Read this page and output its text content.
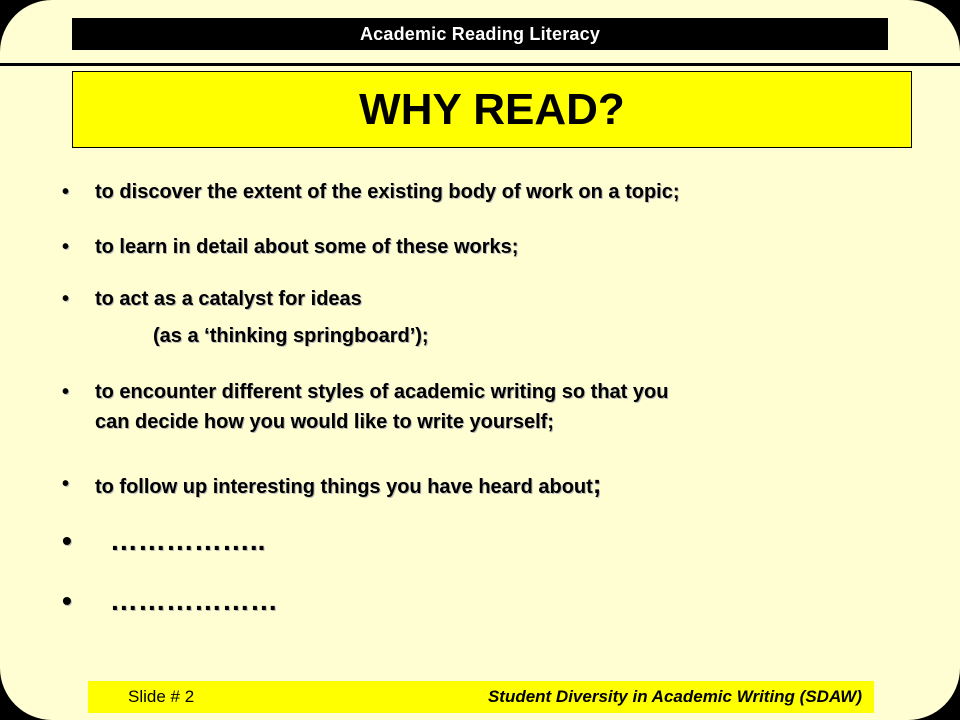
Academic Reading Literacy
WHY READ?
• to discover the extent of the existing body of work on a topic;
• to learn in detail about some of these works;
• to act as a catalyst for ideas
(as a ‘thinking springboard’);
• to encounter different styles of academic writing so that you
can decide how you would like to write yourself;
• to follow up interesting things you have heard about;
• ……………..
• ………………
Slide # 2	Student Diversity in Academic Writing (SDAW)
